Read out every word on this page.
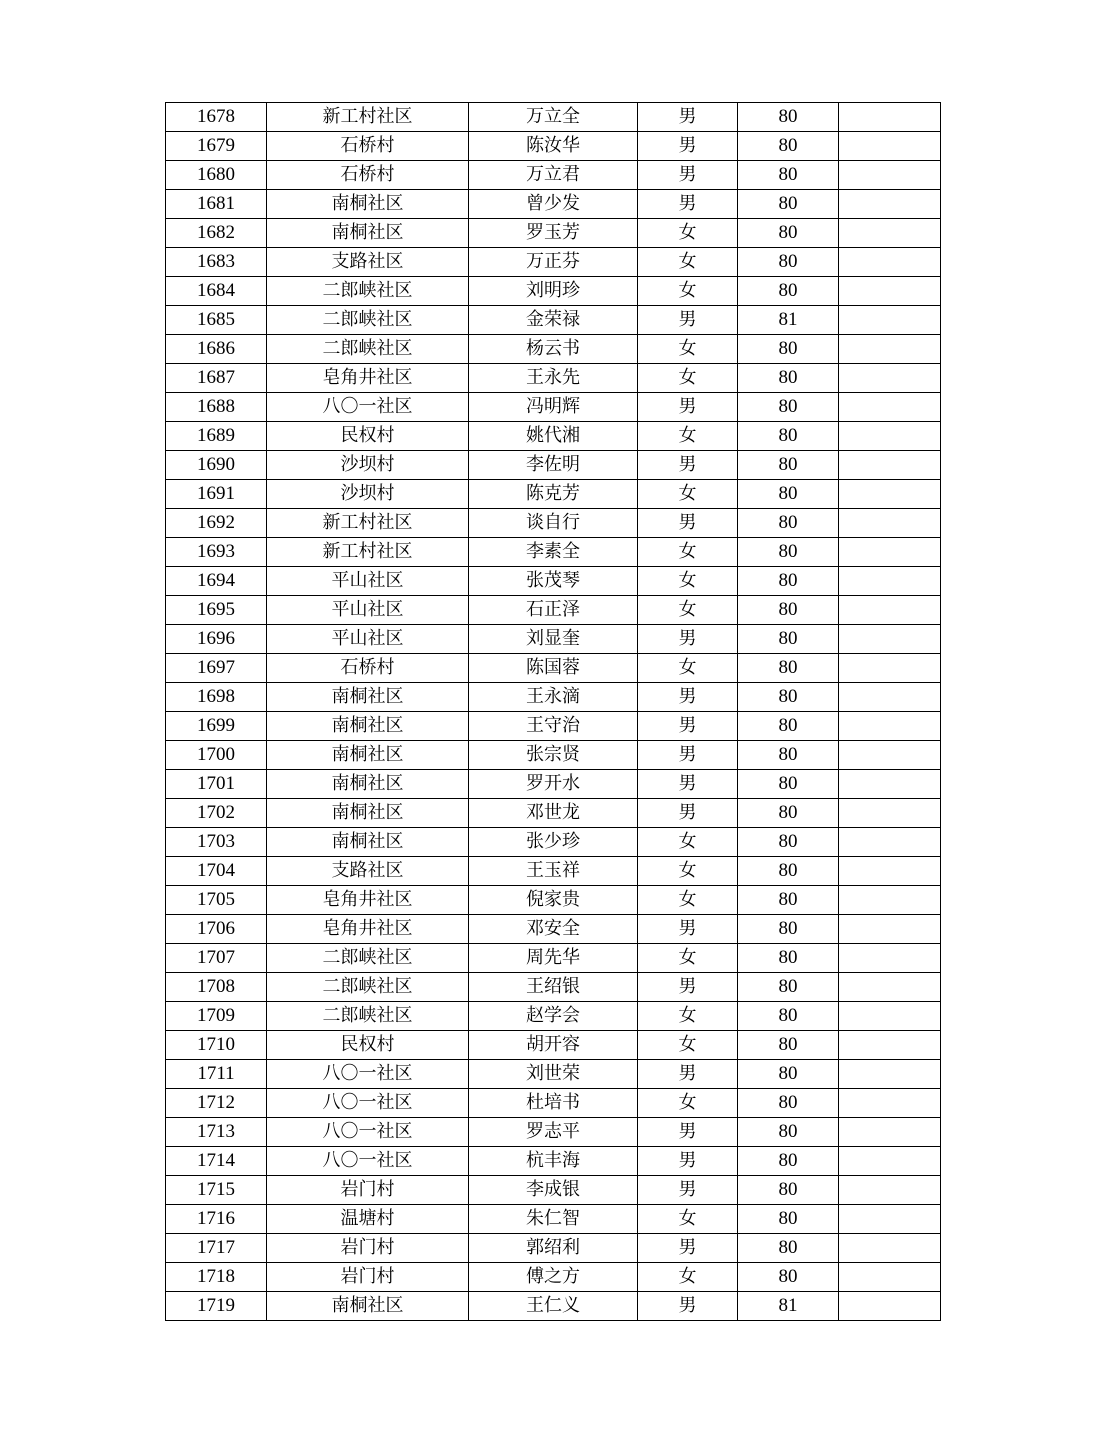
1678	新工村社区	万立全	男	80	
1679	石桥村	陈汝华	男	80	
1680	石桥村	万立君	男	80	
1681	南桐社区	曾少发	男	80	
1682	南桐社区	罗玉芳	女	80	
1683	支路社区	万正芬	女	80	
1684	二郎峡社区	刘明珍	女	80	
1685	二郎峡社区	金荣禄	男	81	
1686	二郎峡社区	杨云书	女	80	
1687	皂角井社区	王永先	女	80	
1688	八〇一社区	冯明辉	男	80	
1689	民权村	姚代湘	女	80	
1690	沙坝村	李佐明	男	80	
1691	沙坝村	陈克芳	女	80	
1692	新工村社区	谈自行	男	80	
1693	新工村社区	李素全	女	80	
1694	平山社区	张茂琴	女	80	
1695	平山社区	石正泽	女	80	
1696	平山社区	刘显奎	男	80	
1697	石桥村	陈国蓉	女	80	
1698	南桐社区	王永滴	男	80	
1699	南桐社区	王守治	男	80	
1700	南桐社区	张宗贤	男	80	
1701	南桐社区	罗开水	男	80	
1702	南桐社区	邓世龙	男	80	
1703	南桐社区	张少珍	女	80	
1704	支路社区	王玉祥	女	80	
1705	皂角井社区	倪家贵	女	80	
1706	皂角井社区	邓安全	男	80	
1707	二郎峡社区	周先华	女	80	
1708	二郎峡社区	王绍银	男	80	
1709	二郎峡社区	赵学会	女	80	
1710	民权村	胡开容	女	80	
1711	八〇一社区	刘世荣	男	80	
1712	八〇一社区	杜培书	女	80	
1713	八〇一社区	罗志平	男	80	
1714	八〇一社区	杭丰海	男	80	
1715	岩门村	李成银	男	80	
1716	温塘村	朱仁智	女	80	
1717	岩门村	郭绍利	男	80	
1718	岩门村	傅之方	女	80	
1719	南桐社区	王仁义	男	81	
